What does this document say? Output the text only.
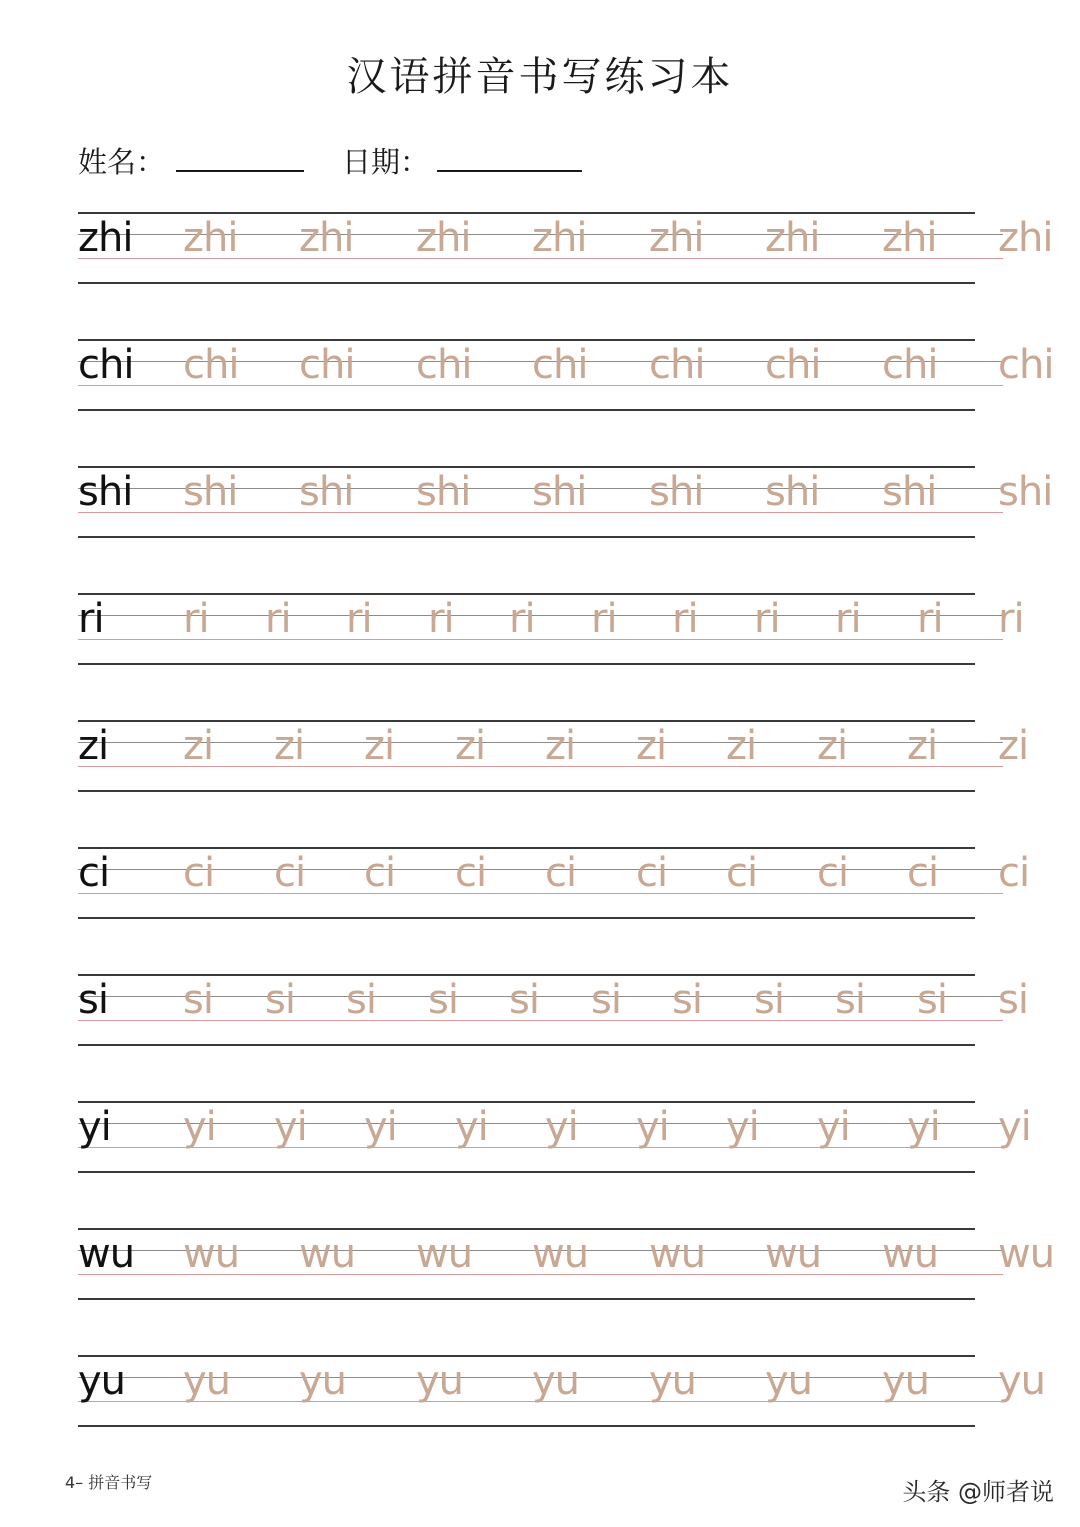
汉语拼音书写练习本
姓名：	日期：
zhi zhi zhi zhi zhi zhi zhi zhi zhi
chi chi chi chi chi chi chi chi chi
shi shi shi shi shi shi shi shi shi
ri ri ri ri ri ri ri ri ri ri ri ri
zi zi zi zi zi zi zi zi zi zi zi
ci ci ci ci ci ci ci ci ci ci ci
si si si si si si si si si si si si
yi yi yi yi yi yi yi yi yi yi yi
wu wu wu wu wu wu wu wu wu
yu yu yu yu yu yu yu yu yu
4– 拼音书写	头条 @师者说
